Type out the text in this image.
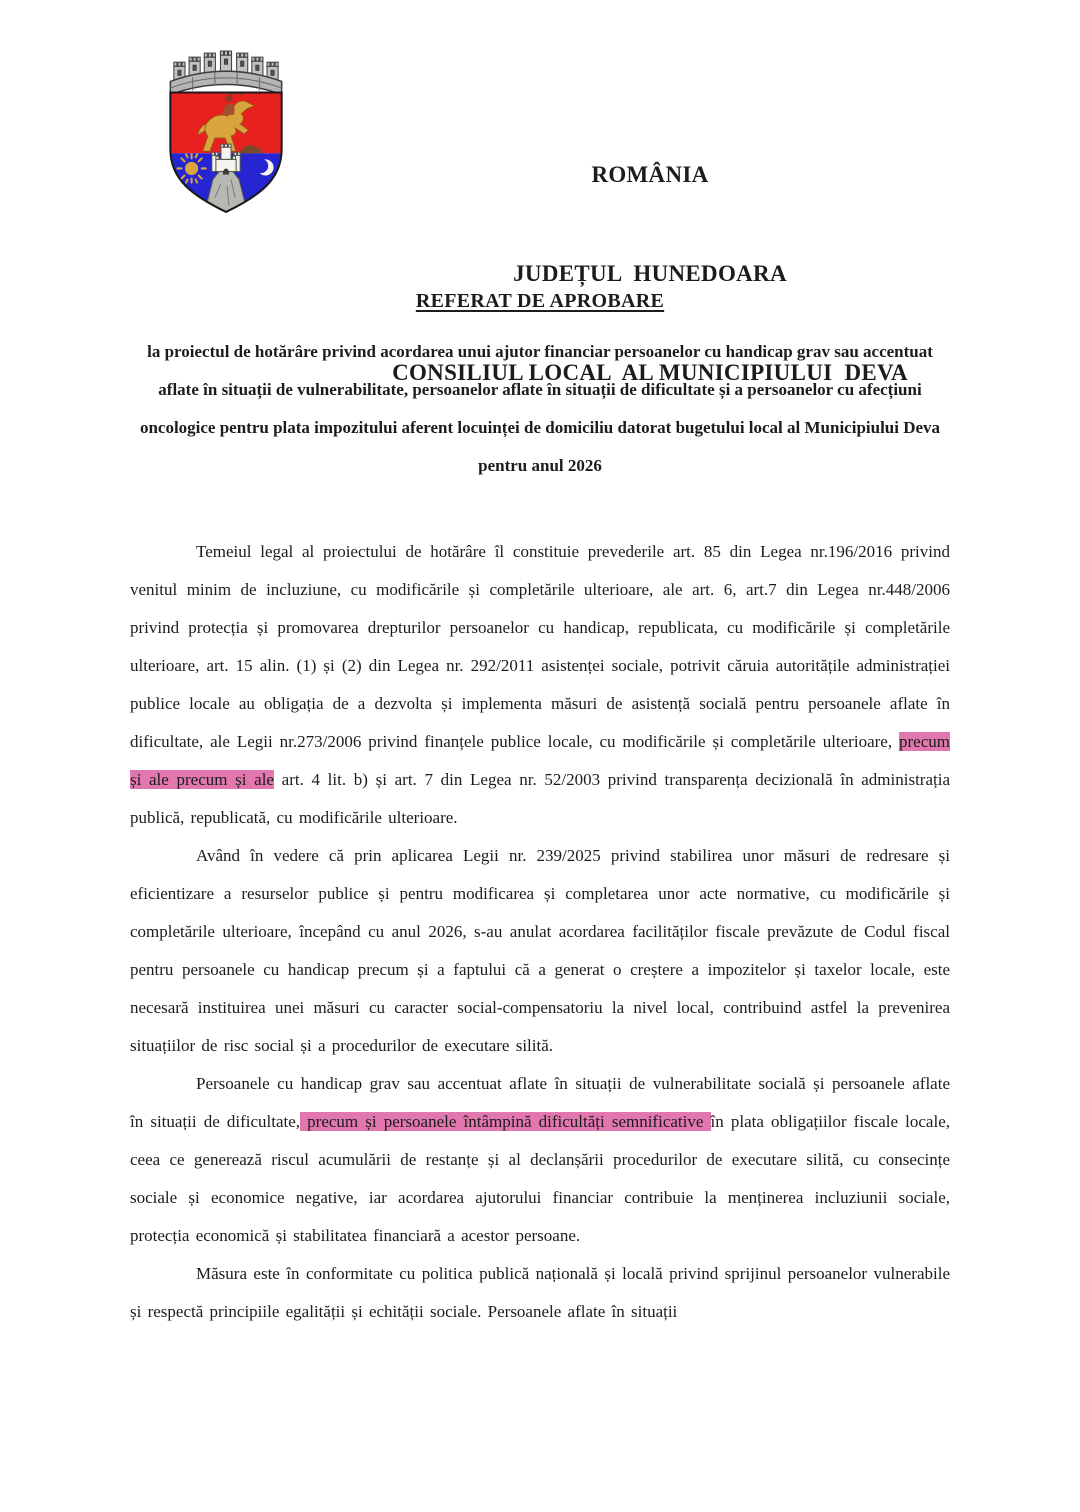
ROMÂNIA

JUDEȚUL  HUNEDOARA

CONSILIUL LOCAL  AL MUNICIPIULUI  DEVA

REFERAT DE APROBARE
la proiectul de hotărâre privind acordarea unui ajutor financiar persoanelor cu handicap grav sau accentuat aflate în situații de vulnerabilitate, persoanelor aflate în situații de dificultate și a persoanelor cu afecțiuni oncologice pentru plata impozitului aferent locuinței de domiciliu datorat bugetului local al Municipiului Deva pentru anul 2026

Temeiul legal al proiectului de hotărâre îl constituie prevederile art. 85 din Legea nr.196/2016 privind venitul minim de incluziune, cu modificările și completările ulterioare, ale art. 6, art.7 din Legea nr.448/2006 privind protecția și promovarea drepturilor persoanelor cu handicap, republicata, cu modificările și completările ulterioare, art. 15 alin. (1) și (2) din Legea nr. 292/2011 asistenței sociale, potrivit căruia autoritățile administrației publice locale au obligația de a dezvolta și implementa măsuri de asistență socială pentru persoanele aflate în dificultate, ale Legii nr.273/2006 privind finanțele publice locale, cu modificările și completările ulterioare, precum și ale precum și ale art. 4 lit. b) și art. 7 din Legea nr. 52/2003 privind transparența decizională în administrația publică, republicată, cu modificările ulterioare.

Având în vedere că prin aplicarea Legii nr. 239/2025 privind stabilirea unor măsuri de redresare și eficientizare a resurselor publice și pentru modificarea și completarea unor acte normative, cu modificările și completările ulterioare, începând cu anul 2026, s-au anulat acordarea facilităților fiscale prevăzute de Codul fiscal pentru persoanele cu handicap precum și a faptului că a generat o creștere a impozitelor și taxelor locale, este necesară instituirea unei măsuri cu caracter social-compensatoriu la nivel local, contribuind astfel la prevenirea situațiilor de risc social și a procedurilor de executare silită.

Persoanele cu handicap grav sau accentuat aflate în situații de vulnerabilitate socială și persoanele aflate în situații de dificultate, precum și persoanele întâmpină dificultăți semnificative în plata obligațiilor fiscale locale, ceea ce generează riscul acumulării de restanțe și al declanșării procedurilor de executare silită, cu consecințe sociale și economice negative, iar acordarea ajutorului financiar contribuie la menținerea incluziunii sociale, protecția economică și stabilitatea financiară a acestor persoane.

Măsura este în conformitate cu politica publică națională și locală privind sprijinul persoanelor vulnerabile și respectă principiile egalității și echității sociale. Persoanele aflate în situații
